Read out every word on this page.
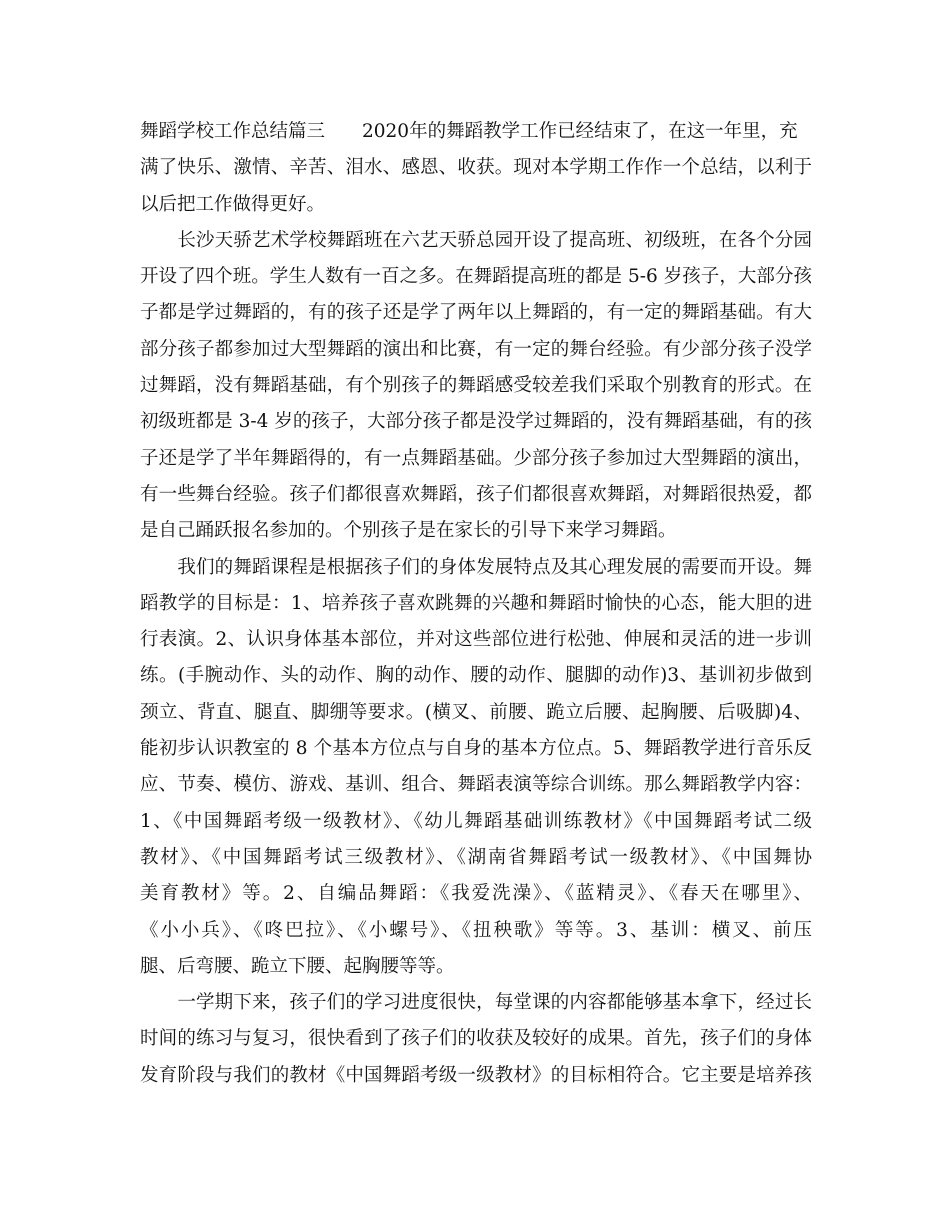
舞蹈学校工作总结篇三　　2020年的舞蹈教学工作已经结束了，在这一年里，充
满了快乐、激情、辛苦、泪水、感恩、收获。现对本学期工作作一个总结，以利于
以后把工作做得更好。
　　长沙天骄艺术学校舞蹈班在六艺天骄总园开设了提高班、初级班，在各个分园
开设了四个班。学生人数有一百之多。在舞蹈提高班的都是 5-6 岁孩子，大部分孩
子都是学过舞蹈的，有的孩子还是学了两年以上舞蹈的，有一定的舞蹈基础。有大
部分孩子都参加过大型舞蹈的演出和比赛，有一定的舞台经验。有少部分孩子没学
过舞蹈，没有舞蹈基础，有个别孩子的舞蹈感受较差我们采取个别教育的形式。在
初级班都是 3-4 岁的孩子，大部分孩子都是没学过舞蹈的，没有舞蹈基础，有的孩
子还是学了半年舞蹈得的，有一点舞蹈基础。少部分孩子参加过大型舞蹈的演出，
有一些舞台经验。孩子们都很喜欢舞蹈，孩子们都很喜欢舞蹈，对舞蹈很热爱，都
是自己踊跃报名参加的。个别孩子是在家长的引导下来学习舞蹈。
　　我们的舞蹈课程是根据孩子们的身体发展特点及其心理发展的需要而开设。舞
蹈教学的目标是：1、培养孩子喜欢跳舞的兴趣和舞蹈时愉快的心态，能大胆的进
行表演。2、认识身体基本部位，并对这些部位进行松弛、伸展和灵活的进一步训
练。(手腕动作、头的动作、胸的动作、腰的动作、腿脚的动作)3、基训初步做到
颈立、背直、腿直、脚绷等要求。(横叉、前腰、跪立后腰、起胸腰、后吸脚)4、
能初步认识教室的 8 个基本方位点与自身的基本方位点。5、舞蹈教学进行音乐反
应、节奏、模仿、游戏、基训、组合、舞蹈表演等综合训练。那么舞蹈教学内容：
1、《中国舞蹈考级一级教材》、《幼儿舞蹈基础训练教材》《中国舞蹈考试二级
教材》、《中国舞蹈考试三级教材》、《湖南省舞蹈考试一级教材》、《中国舞协
美育教材》等。2、自编品舞蹈：《我爱洗澡》、《蓝精灵》、《春天在哪里》、
《小小兵》、《咚巴拉》、《小螺号》、《扭秧歌》等等。3、基训：横叉、前压
腿、后弯腰、跪立下腰、起胸腰等等。
　　一学期下来，孩子们的学习进度很快，每堂课的内容都能够基本拿下，经过长
时间的练习与复习，很快看到了孩子们的收获及较好的成果。首先，孩子们的身体
发育阶段与我们的教材《中国舞蹈考级一级教材》的目标相符合。它主要是培养孩
